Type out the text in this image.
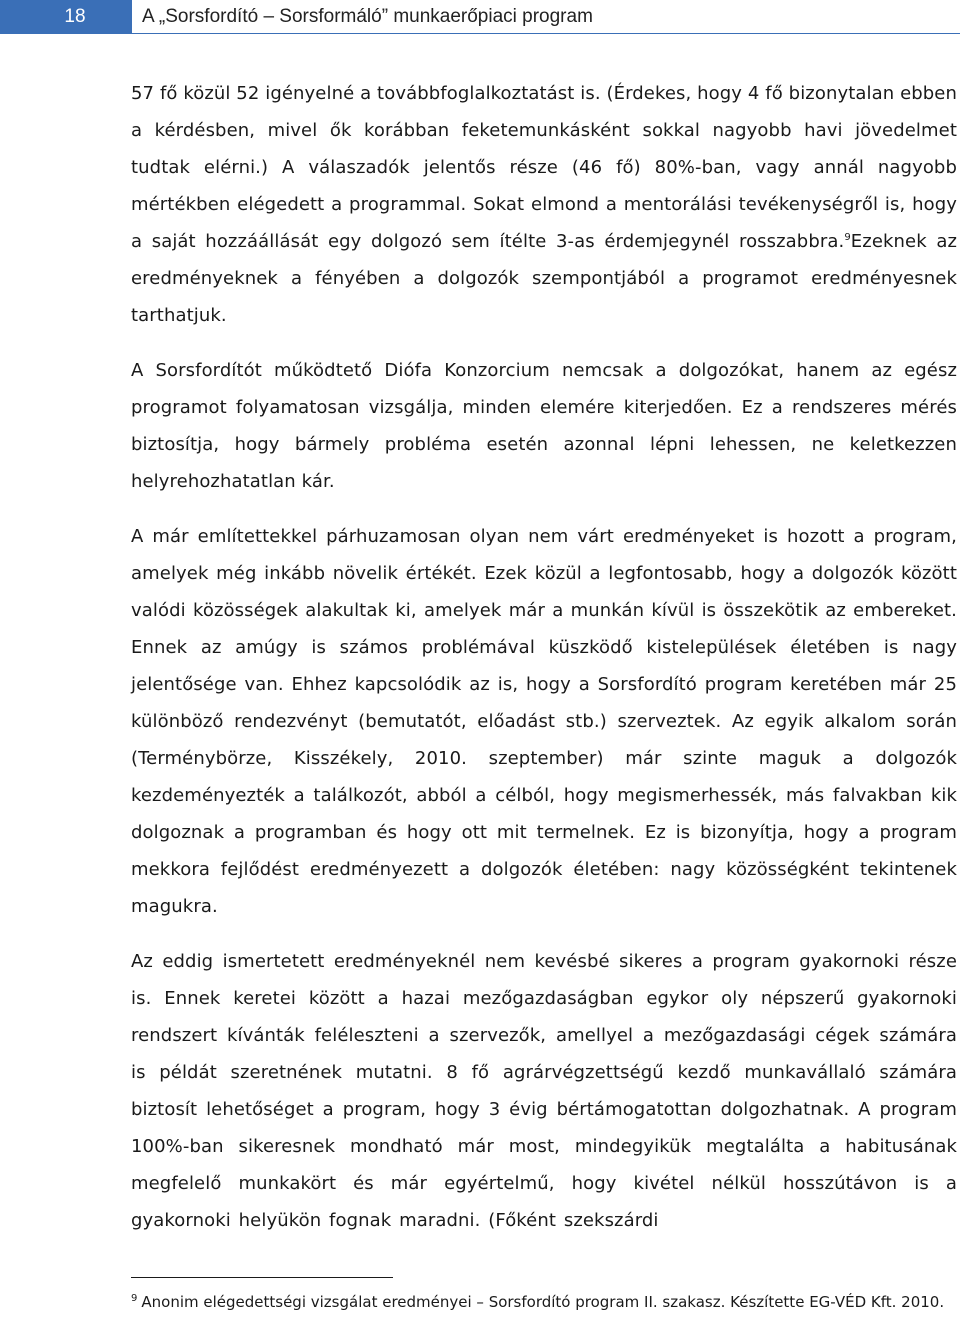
18	A „Sorsfordító – Sorsformáló” munkaerőpiaci program

57 fő közül 52 igényelné a továbbfoglalkoztatást is. (Érdekes, hogy 4 fő bizonytalan ebben a kérdésben, mivel ők korábban feketemunkásként sokkal nagyobb havi jövedelmet tudtak elérni.) A válaszadók jelentős része (46 fő) 80%-ban, vagy annál nagyobb mértékben elégedett a programmal. Sokat elmond a mentorálási tevékenységről is, hogy a saját hozzáállását egy dolgozó sem ítélte 3-as érdemjegynél rosszabbra.$^9$Ezeknek az eredményeknek a fényében a dolgozók szempontjából a programot eredményesnek tarthatjuk.

A Sorsfordítót működtető Diófa Konzorcium nemcsak a dolgozókat, hanem az egész programot folyamatosan vizsgálja, minden elemére kiterjedően. Ez a rendszeres mérés biztosítja, hogy bármely probléma esetén azonnal lépni lehessen, ne keletkezzen helyrehozhatatlan kár.

A már említettekkel párhuzamosan olyan nem várt eredményeket is hozott a program, amelyek még inkább növelik értékét. Ezek közül a legfontosabb, hogy a dolgozók között valódi közösségek alakultak ki, amelyek már a munkán kívül is összekötik az embereket. Ennek az amúgy is számos problémával küszködő kistelepülések életében is nagy jelentősége van. Ehhez kapcsolódik az is, hogy a Sorsfordító program keretében már 25 különböző rendezvényt (bemutatót, előadást stb.) szerveztek. Az egyik alkalom során (Terménybörze, Kisszékely, 2010. szeptember) már szinte maguk a dolgozók kezdeményezték a találkozót, abból a célból, hogy megismerhessék, más falvakban kik dolgoznak a programban és hogy ott mit termelnek. Ez is bizonyítja, hogy a program mekkora fejlődést eredményezett a dolgozók életében: nagy közösségként tekintenek magukra.

Az eddig ismertetett eredményeknél nem kevésbé sikeres a program gyakornoki része is. Ennek keretei között a hazai mezőgazdaságban egykor oly népszerű gyakornoki rendszert kívánták feléleszteni a szervezők, amellyel a mezőgazdasági cégek számára is példát szeretnének mutatni. 8 fő agrárvégzettségű kezdő munkavállaló számára biztosít lehetőséget a program, hogy 3 évig bértámogatottan dolgozhatnak. A program 100%-ban sikeresnek mondható már most, mindegyikük megtalálta a habitusának megfelelő munkakört és már egyértelmű, hogy kivétel nélkül hosszútávon is a gyakornoki helyükön fognak maradni. (Főként szekszárdi

$^9$ Anonim elégedettségi vizsgálat eredményei – Sorsfordító program II. szakasz. Készítette EG-VÉD Kft. 2010.
